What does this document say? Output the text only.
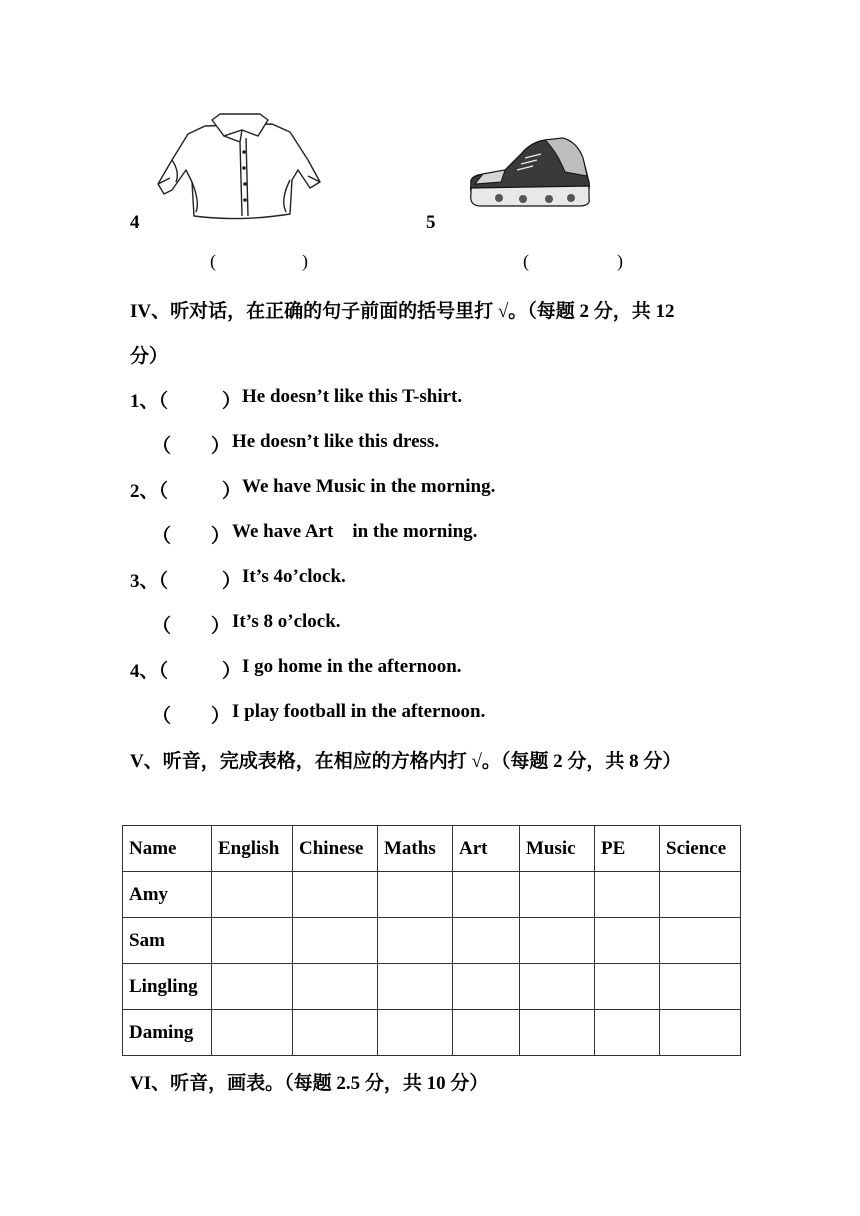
4	5
(	)	(	)
IV、听对话，在正确的句子前面的括号里打 √。（每题 2 分，共 12
分）
1、（	） He doesn’t like this T-shirt.
（ ） He doesn’t like this dress.
2、（	） We have Music in the morning.
（ ） We have Art    in the morning.
3、（	） It’s 4o’clock.
（ ） It’s 8 o’clock.
4、（	） I go home in the afternoon.
（ ） I play football in the afternoon.
V、听音，完成表格，在相应的方格内打 √。（每题 2 分，共 8 分）
Name	English	Chinese	Maths	Art	Music	PE	Science
Amy							
Sam							
Lingling							
Daming							
VI、听音，画表。（每题 2.5 分，共 10 分）
